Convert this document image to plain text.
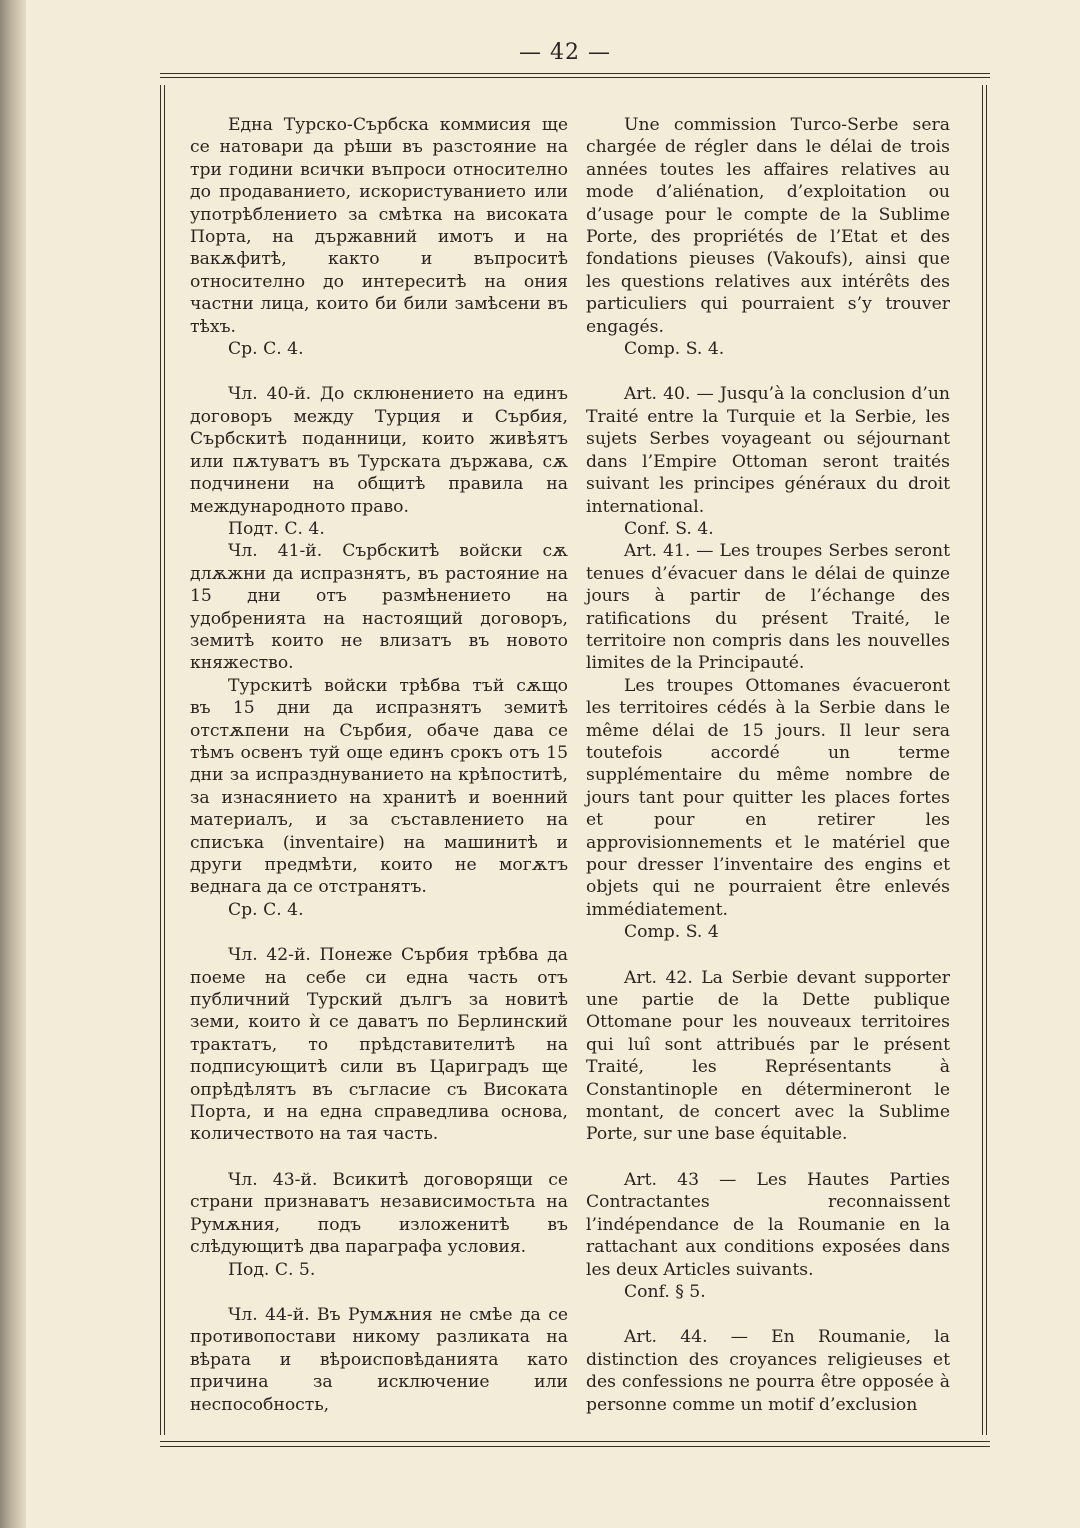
— 42 —

Една Турско-Сърбска коммисия ще се натовари да рѣши въ разстояние на три години всички въпроси относително до продаванието, искористуванието или употрѣблението за смѣтка на високата Порта, на държавний имотъ и на вакѫфитѣ, както и въпроситѣ относително до интереситѣ на ония частни лица, които би били замѣсени въ тѣхъ.

Ср. С. 4.

Чл. 40-й. До склюнението на единъ договоръ между Турция и Сърбия, Сърбскитѣ поданници, които живѣятъ или пѫтуватъ въ Турската държава, сѫ подчинени на общитѣ правила на международното право.

Подт. С. 4.

Чл. 41-й. Сърбскитѣ войски сѫ длѫжни да испразнятъ, въ растояние на 15 дни отъ размѣнението на удобренията на настоящий договоръ, земитѣ които не влизатъ въ новото княжество.

Турскитѣ войски трѣбва тъй сѫщо въ 15 дни да испразнятъ земитѣ отстѫпени на Сърбия, обаче дава се тѣмъ освенъ туй още единъ срокъ отъ 15 дни за испразднуванието на крѣпоститѣ, за изнасянието на хранитѣ и военний материалъ, и за съставлението на списъка (inventaire) на машинитѣ и други предмѣти, които не могѫтъ веднага да се отстранятъ.

Ср. С. 4.

Чл. 42-й. Понеже Сърбия трѣбва да поеме на себе си една часть отъ публичний Турский дългъ за новитѣ земи, които ѝ се даватъ по Берлинский трактатъ, то прѣдставителитѣ на подписующитѣ сили въ Цариградъ ще опрѣдѣлятъ въ съгласие съ Високата Порта, и на една справедлива основа, количеството на тая часть.

Чл. 43-й. Всикитѣ договорящи се страни признаватъ независимостьта на Румѫния, подъ изложенитѣ въ слѣдующитѣ два параграфа условия.

Под. С. 5.

Чл. 44-й. Въ Румѫния не смѣе да се противопостави никому разликата на вѣрата и вѣроисповѣданията като причина за исключение или неспособность,

Une commission Turco-Serbe sera chargée de régler dans le délai de trois années toutes les affaires relatives au mode d’aliénation, d’exploitation ou d’usage pour le compte de la Sublime Porte, des propriétés de l’Etat et des fondations pieuses (Vakoufs), ainsi que les questions relatives aux intérêts des particuliers qui pourraient s’y trouver engagés.

Comp. S. 4.

Art. 40. — Jusqu’à la conclusion d’un Traité entre la Turquie et la Serbie, les sujets Serbes voyageant ou séjournant dans l’Empire Ottoman seront traités suivant les principes généraux du droit international.

Conf. S. 4.

Art. 41. — Les troupes Serbes seront tenues d’évacuer dans le délai de quinze jours à partir de l’échange des ratifications du présent Traité, le territoire non compris dans les nouvelles limites de la Principauté.

Les troupes Ottomanes évacueront les territoires cédés à la Serbie dans le même délai de 15 jours. Il leur sera toutefois accordé un terme supplémentaire du même nombre de jours tant pour quitter les places fortes et pour en retirer les approvisionnements et le matériel que pour dresser l’inventaire des engins et objets qui ne pourraient être enlevés immédiatement.

Comp. S. 4

Art. 42. La Serbie devant supporter une partie de la Dette publique Ottomane pour les nouveaux territoires qui luî sont attribués par le présent Traité, les Représentants à Constantinople en détermineront le montant, de concert avec la Sublime Porte, sur une base équitable.

Art. 43 — Les Hautes Parties Contractantes reconnaissent l’indépendance de la Roumanie en la rattachant aux conditions exposées dans les deux Articles suivants.

Conf. § 5.

Art. 44. — En Roumanie, la distinction des croyances religieuses et des confessions ne pourra être opposée à personne comme un motif d’exclusion
